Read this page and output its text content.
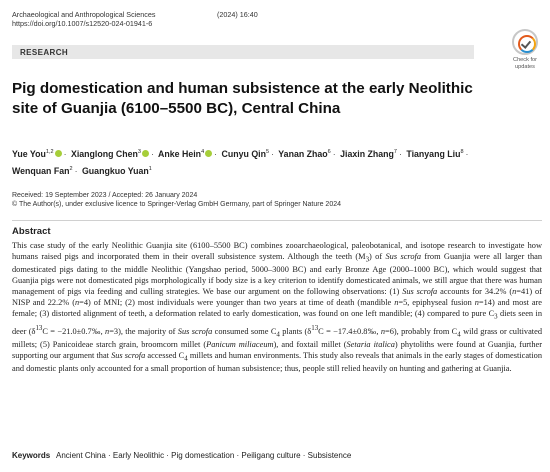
Archaeological and Anthropological Sciences	(2024) 16:40
https://doi.org/10.1007/s12520-024-01941-6
Check for updates
RESEARCH
Pig domestication and human subsistence at the early Neolithic site of Guanjia (6100–5500 BC), Central China
Yue You$^{1,2}$ · Xianglong Chen$^3$ · Anke Hein$^4$ · Cunyu Qin$^5$ · Yanan Zhao$^6$ · Jiaxin Zhang$^7$ · Tianyang Liu$^8$ ·
Wenquan Fan$^2$ · Guangkuo Yuan$^1$
Received: 19 September 2023 / Accepted: 26 January 2024
© The Author(s), under exclusive licence to Springer-Verlag GmbH Germany, part of Springer Nature 2024
Abstract

This case study of the early Neolithic Guanjia site (6100–5500 BC) combines zooarchaeological, paleobotanical, and isotope research to investigate how humans raised pigs and incorporated them in their overall subsistence system. Although the teeth $(M_3)$ of Sus scrofa from Guanjia were all larger than domesticated pigs dating to the middle Neolithic (Yangshao period, 5000–3000 BC) and early Bronze Age (2000–1000 BC), which would suggest that Guanjia pigs were not domesticated pigs morphologically if body size is a key criterion to identify domesticated animals, we still argue that there was human management of pigs via feeding and culling strategies. We base our argument on the following observations: (1) Sus scrofa accounts for 34.2% (n=41) of NISP and 22.2% (n=4) of MNI; (2) most individuals were younger than two years at time of death (mandible n=5, epiphyseal fusion n=14) and most are female; (3) distorted alignment of teeth, a deformation related to early domestication, was found on one left mandible; (4) compared to pure $C_3$ diets seen in deer ($\delta^{13}C$ = −21.0±0.7‰, n=3), the majority of Sus scrofa consumed some $C_4$ plants ($\delta^{13}C$ = −17.4±0.8‰, n=6), probably from $C_4$ wild grass or cultivated millets; (5) Panicoideae starch grain, broomcorn millet (Panicum miliaceum), and foxtail millet (Setaria italica) phytoliths were found at Guanjia, further supporting our argument that Sus scrofa accessed $C_4$ millets and human environments. This study also reveals that animals in the early stages of domestication and domestic plants only accounted for a small proportion of human subsistence; thus, people still relied heavily on hunting and gathering at Guanjia.

Keywords Ancient China · Early Neolithic · Pig domestication · Peiligang culture · Subsistence
